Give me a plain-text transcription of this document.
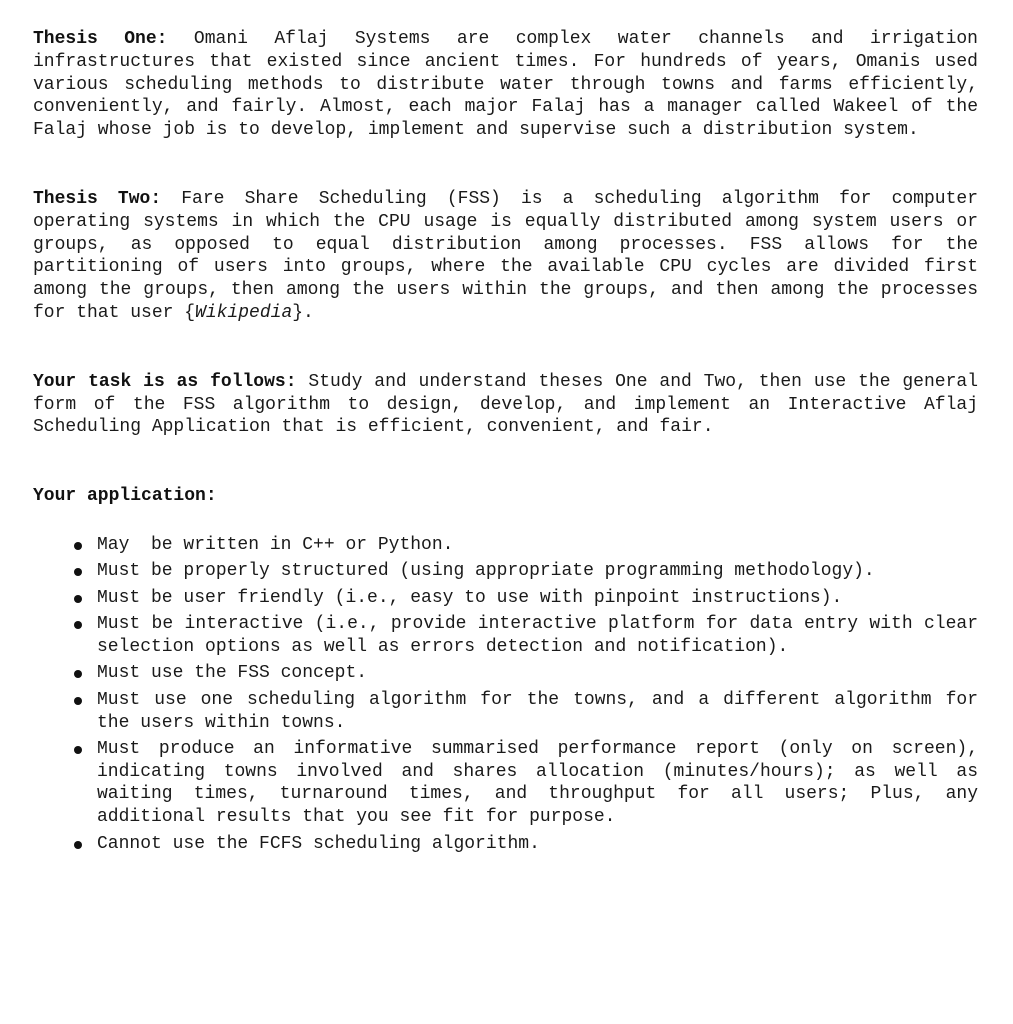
Thesis One: Omani Aflaj Systems are complex water channels and irrigation infrastructures that existed since ancient times. For hundreds of years, Omanis used various scheduling methods to distribute water through towns and farms efficiently, conveniently, and fairly. Almost, each major Falaj has a manager called Wakeel of the Falaj whose job is to develop, implement and supervise such a distribution system.

Thesis Two: Fare Share Scheduling (FSS) is a scheduling algorithm for computer operating systems in which the CPU usage is equally distributed among system users or groups, as opposed to equal distribution among processes. FSS allows for the partitioning of users into groups, where the available CPU cycles are divided first among the groups, then among the users within the groups, and then among the processes for that user {Wikipedia}.

Your task is as follows: Study and understand theses One and Two, then use the general form of the FSS algorithm to design, develop, and implement an Interactive Aflaj Scheduling Application that is efficient, convenient, and fair.

Your application:

May  be written in C++ or Python.
Must be properly structured (using appropriate programming methodology).
Must be user friendly (i.e., easy to use with pinpoint instructions).
Must be interactive (i.e., provide interactive platform for data entry with clear selection options as well as errors detection and notification).
Must use the FSS concept.
Must use one scheduling algorithm for the towns, and a different algorithm for the users within towns.
Must produce an informative summarised performance report (only on screen), indicating towns involved and shares allocation (minutes/hours); as well as waiting times, turnaround times, and throughput for all users; Plus, any additional results that you see fit for purpose.
Cannot use the FCFS scheduling algorithm.
